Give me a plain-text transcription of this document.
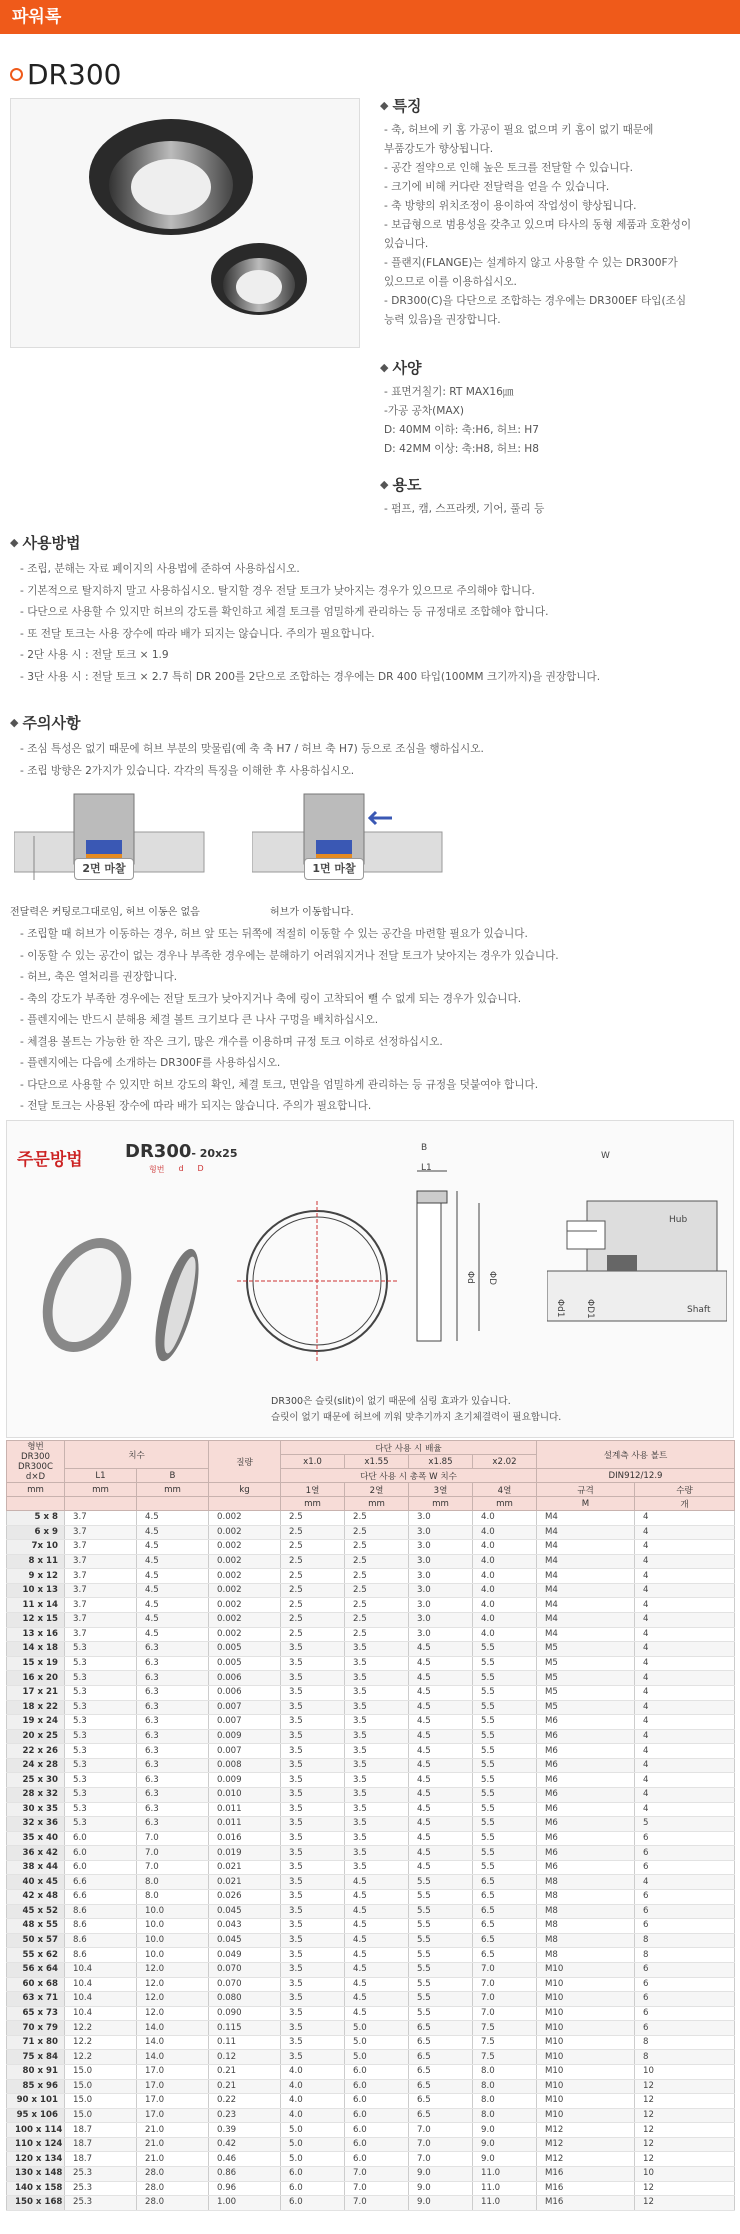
파워록
DR300
◆ 특징

- 축, 허브에 키 홈 가공이 필요 없으며 키 홈이 없기 때문에

부품강도가 향상됩니다.

- 공간 절약으로 인해 높은 토크를 전달할 수 있습니다.

- 크기에 비해 커다란 전달력을 얻을 수 있습니다.

- 축 방향의 위치조정이 용이하여 작업성이 향상됩니다.

- 보급형으로 범용성을 갖추고 있으며 타사의 동형 제품과 호환성이

있습니다.

- 플랜지(FLANGE)는 설계하지 않고 사용할 수 있는 DR300F가

있으므로 이를 이용하십시오.

- DR300(C)을 다단으로 조합하는 경우에는 DR300EF 타입(조심

능력 있음)을 권장합니다.

◆ 사양

- 표면거칠기: RT MAX16㎛

-가공 공차(MAX)

D: 40MM 이하: 축:H6, 허브: H7

D: 42MM 이상: 축:H8, 허브: H8

◆ 용도

- 펌프, 캠, 스프라켓, 기어, 풀리 등

◆ 사용방법

- 조립, 분해는 자료 페이지의 사용법에 준하여 사용하십시오.

- 기본적으로 탈지하지 말고 사용하십시오. 탈지할 경우 전달 토크가 낮아지는 경우가 있으므로 주의해야 합니다.

- 다단으로 사용할 수 있지만 허브의 강도를 확인하고 체결 토크를 엄밀하게 관리하는 등 규정대로 조합해야 합니다.

- 또 전달 토크는 사용 장수에 따라 배가 되지는 않습니다. 주의가 필요합니다.

- 2단 사용 시 : 전달 토크 × 1.9

- 3단 사용 시 : 전달 토크 × 2.7 특히 DR 200를 2단으로 조합하는 경우에는 DR 400 타입(100MM 크기까지)을 권장합니다.

◆ 주의사항

- 조심 특성은 없기 때문에 허브 부분의 맞물림(예 축 축 H7 / 허브 축 H7) 등으로 조심을 행하십시오.

- 조립 방향은 2가지가 있습니다. 각각의 특징을 이해한 후 사용하십시오.

2면 마찰	1면 마찰
전달력은 커팅로그대로임, 허브 이동은 없음	허브가 이동합니다.

- 조립할 때 허브가 이동하는 경우, 허브 앞 또는 뒤쪽에 적절히 이동할 수 있는 공간을 마련할 필요가 있습니다.

- 이동할 수 있는 공간이 없는 경우나 부족한 경우에는 분해하기 어려워지거나 전달 토크가 낮아지는 경우가 있습니다.

- 허브, 축은 열처리를 권장합니다.

- 축의 강도가 부족한 경우에는 전달 토크가 낮아지거나 축에 링이 고착되어 뺄 수 없게 되는 경우가 있습니다.

- 플렌지에는 반드시 분해용 체결 볼트 크기보다 큰 나사 구멍을 배치하십시오.

- 체결용 볼트는 가능한 한 작은 크기, 많은 개수를 이용하며 규정 토크 이하로 선정하십시오.

- 플렌지에는 다음에 소개하는 DR300F를 사용하십시오.

- 다단으로 사용할 수 있지만 허브 강도의 확인, 체결 토크, 면압을 엄밀하게 관리하는 등 규정을 덧붙여야 합니다.

- 전달 토크는 사용된 장수에 따라 배가 되지는 않습니다. 주의가 필요합니다.

주문방법 DR300- 20x25
형번 d D
B
L1
Φd ΦD
Hub
Shaft
W
Φd1 ΦD1
DR300은 슬릿(slit)이 없기 때문에 심링 효과가 있습니다.
슬릿이 없기 때문에 허브에 끼워 맞추기까지 초기체결력이 필요합니다.
형번
DR300
DR300C
d×D	치수		질량	다단 사용 시 배율				설계측 사용 볼트	
				x1.0	x1.55	x1.85	x2.02		
	L1	B		다단 사용 시 총폭 W 치수				DIN912/12.9	
mm	mm	mm	kg	1열	2열	3열	4열	규격	수량
				mm	mm	mm	mm	M	개
5 x 8	3.7	4.5	0.002	2.5	2.5	3.0	4.0	M4	4
6 x 9	3.7	4.5	0.002	2.5	2.5	3.0	4.0	M4	4
7x 10	3.7	4.5	0.002	2.5	2.5	3.0	4.0	M4	4
8 x 11	3.7	4.5	0.002	2.5	2.5	3.0	4.0	M4	4
9 x 12	3.7	4.5	0.002	2.5	2.5	3.0	4.0	M4	4
10 x 13	3.7	4.5	0.002	2.5	2.5	3.0	4.0	M4	4
11 x 14	3.7	4.5	0.002	2.5	2.5	3.0	4.0	M4	4
12 x 15	3.7	4.5	0.002	2.5	2.5	3.0	4.0	M4	4
13 x 16	3.7	4.5	0.002	2.5	2.5	3.0	4.0	M4	4
14 x 18	5.3	6.3	0.005	3.5	3.5	4.5	5.5	M5	4
15 x 19	5.3	6.3	0.005	3.5	3.5	4.5	5.5	M5	4
16 x 20	5.3	6.3	0.006	3.5	3.5	4.5	5.5	M5	4
17 x 21	5.3	6.3	0.006	3.5	3.5	4.5	5.5	M5	4
18 x 22	5.3	6.3	0.007	3.5	3.5	4.5	5.5	M5	4
19 x 24	5.3	6.3	0.007	3.5	3.5	4.5	5.5	M6	4
20 x 25	5.3	6.3	0.009	3.5	3.5	4.5	5.5	M6	4
22 x 26	5.3	6.3	0.007	3.5	3.5	4.5	5.5	M6	4
24 x 28	5.3	6.3	0.008	3.5	3.5	4.5	5.5	M6	4
25 x 30	5.3	6.3	0.009	3.5	3.5	4.5	5.5	M6	4
28 x 32	5.3	6.3	0.010	3.5	3.5	4.5	5.5	M6	4
30 x 35	5.3	6.3	0.011	3.5	3.5	4.5	5.5	M6	4
32 x 36	5.3	6.3	0.011	3.5	3.5	4.5	5.5	M6	5
35 x 40	6.0	7.0	0.016	3.5	3.5	4.5	5.5	M6	6
36 x 42	6.0	7.0	0.019	3.5	3.5	4.5	5.5	M6	6
38 x 44	6.0	7.0	0.021	3.5	3.5	4.5	5.5	M6	6
40 x 45	6.6	8.0	0.021	3.5	4.5	5.5	6.5	M8	4
42 x 48	6.6	8.0	0.026	3.5	4.5	5.5	6.5	M8	6
45 x 52	8.6	10.0	0.045	3.5	4.5	5.5	6.5	M8	6
48 x 55	8.6	10.0	0.043	3.5	4.5	5.5	6.5	M8	6
50 x 57	8.6	10.0	0.045	3.5	4.5	5.5	6.5	M8	8
55 x 62	8.6	10.0	0.049	3.5	4.5	5.5	6.5	M8	8
56 x 64	10.4	12.0	0.070	3.5	4.5	5.5	7.0	M10	6
60 x 68	10.4	12.0	0.070	3.5	4.5	5.5	7.0	M10	6
63 x 71	10.4	12.0	0.080	3.5	4.5	5.5	7.0	M10	6
65 x 73	10.4	12.0	0.090	3.5	4.5	5.5	7.0	M10	6
70 x 79	12.2	14.0	0.115	3.5	5.0	6.5	7.5	M10	6
71 x 80	12.2	14.0	0.11	3.5	5.0	6.5	7.5	M10	8
75 x 84	12.2	14.0	0.12	3.5	5.0	6.5	7.5	M10	8
80 x 91	15.0	17.0	0.21	4.0	6.0	6.5	8.0	M10	10
85 x 96	15.0	17.0	0.21	4.0	6.0	6.5	8.0	M10	12
90 x 101	15.0	17.0	0.22	4.0	6.0	6.5	8.0	M10	12
95 x 106	15.0	17.0	0.23	4.0	6.0	6.5	8.0	M10	12
100 x 114	18.7	21.0	0.39	5.0	6.0	7.0	9.0	M12	12
110 x 124	18.7	21.0	0.42	5.0	6.0	7.0	9.0	M12	12
120 x 134	18.7	21.0	0.46	5.0	6.0	7.0	9.0	M12	12
130 x 148	25.3	28.0	0.86	6.0	7.0	9.0	11.0	M16	10
140 x 158	25.3	28.0	0.96	6.0	7.0	9.0	11.0	M16	12
150 x 168	25.3	28.0	1.00	6.0	7.0	9.0	11.0	M16	12
